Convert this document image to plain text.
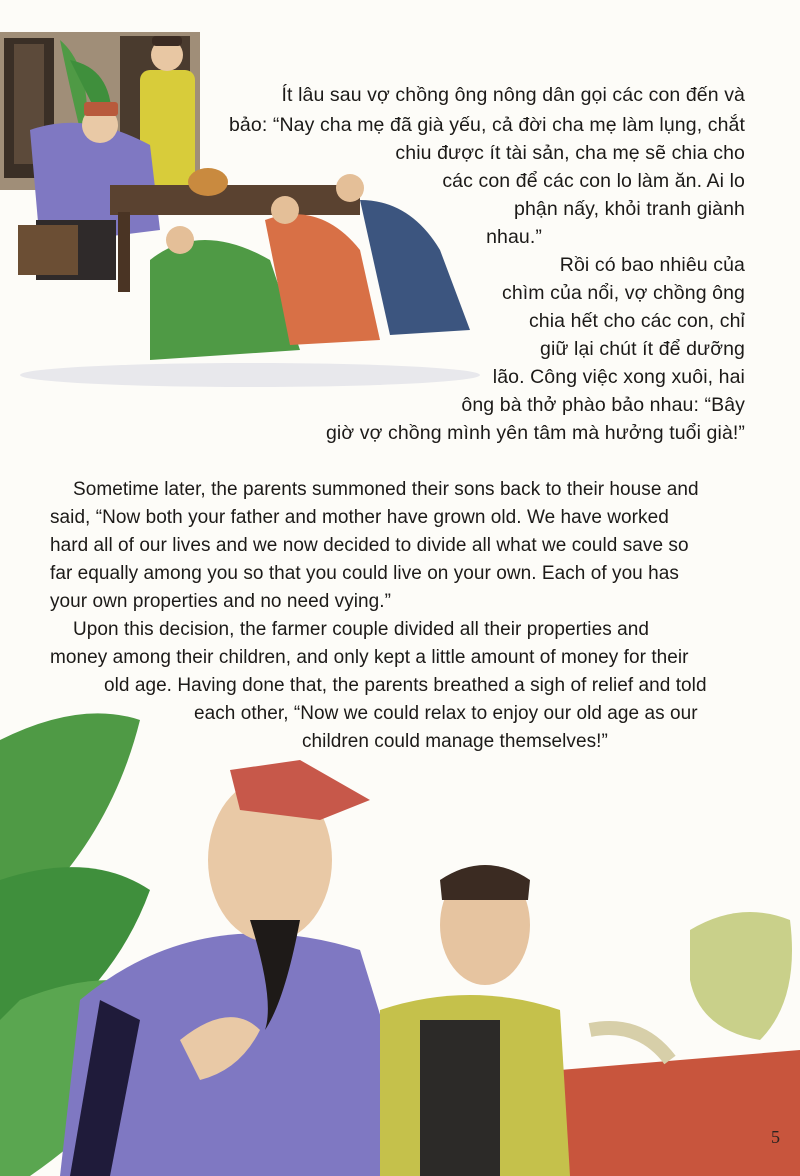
Ít lâu sau vợ chồng ông nông dân gọi các con đến và
bảo: “Nay cha mẹ đã già yếu, cả đời cha mẹ làm lụng, chắt
chiu được ít tài sản, cha mẹ sẽ chia cho
các con để các con lo làm ăn. Ai lo
phận nấy, khỏi tranh giành
nhau.”
Rồi có bao nhiêu của
chìm của nổi, vợ chồng ông
chia hết cho các con, chỉ
giữ lại chút ít để dưỡng
lão. Công việc xong xuôi, hai
ông bà thở phào bảo nhau: “Bây
giờ vợ chồng mình yên tâm mà hưởng tuổi già!”
Sometime later, the parents summoned their sons back to their house and
said, “Now both your father and mother have grown old. We have worked
hard all of our lives and we now decided to divide all what we could save so
far equally among you so that you could live on your own. Each of you has
your own properties and no need vying.”
Upon this decision, the farmer couple divided all their properties and
money among their children, and only kept a little amount of money for their
old age. Having done that, the parents breathed a sigh of relief and told
each other, “Now we could relax to enjoy our old age as our
children could manage themselves!”
5
